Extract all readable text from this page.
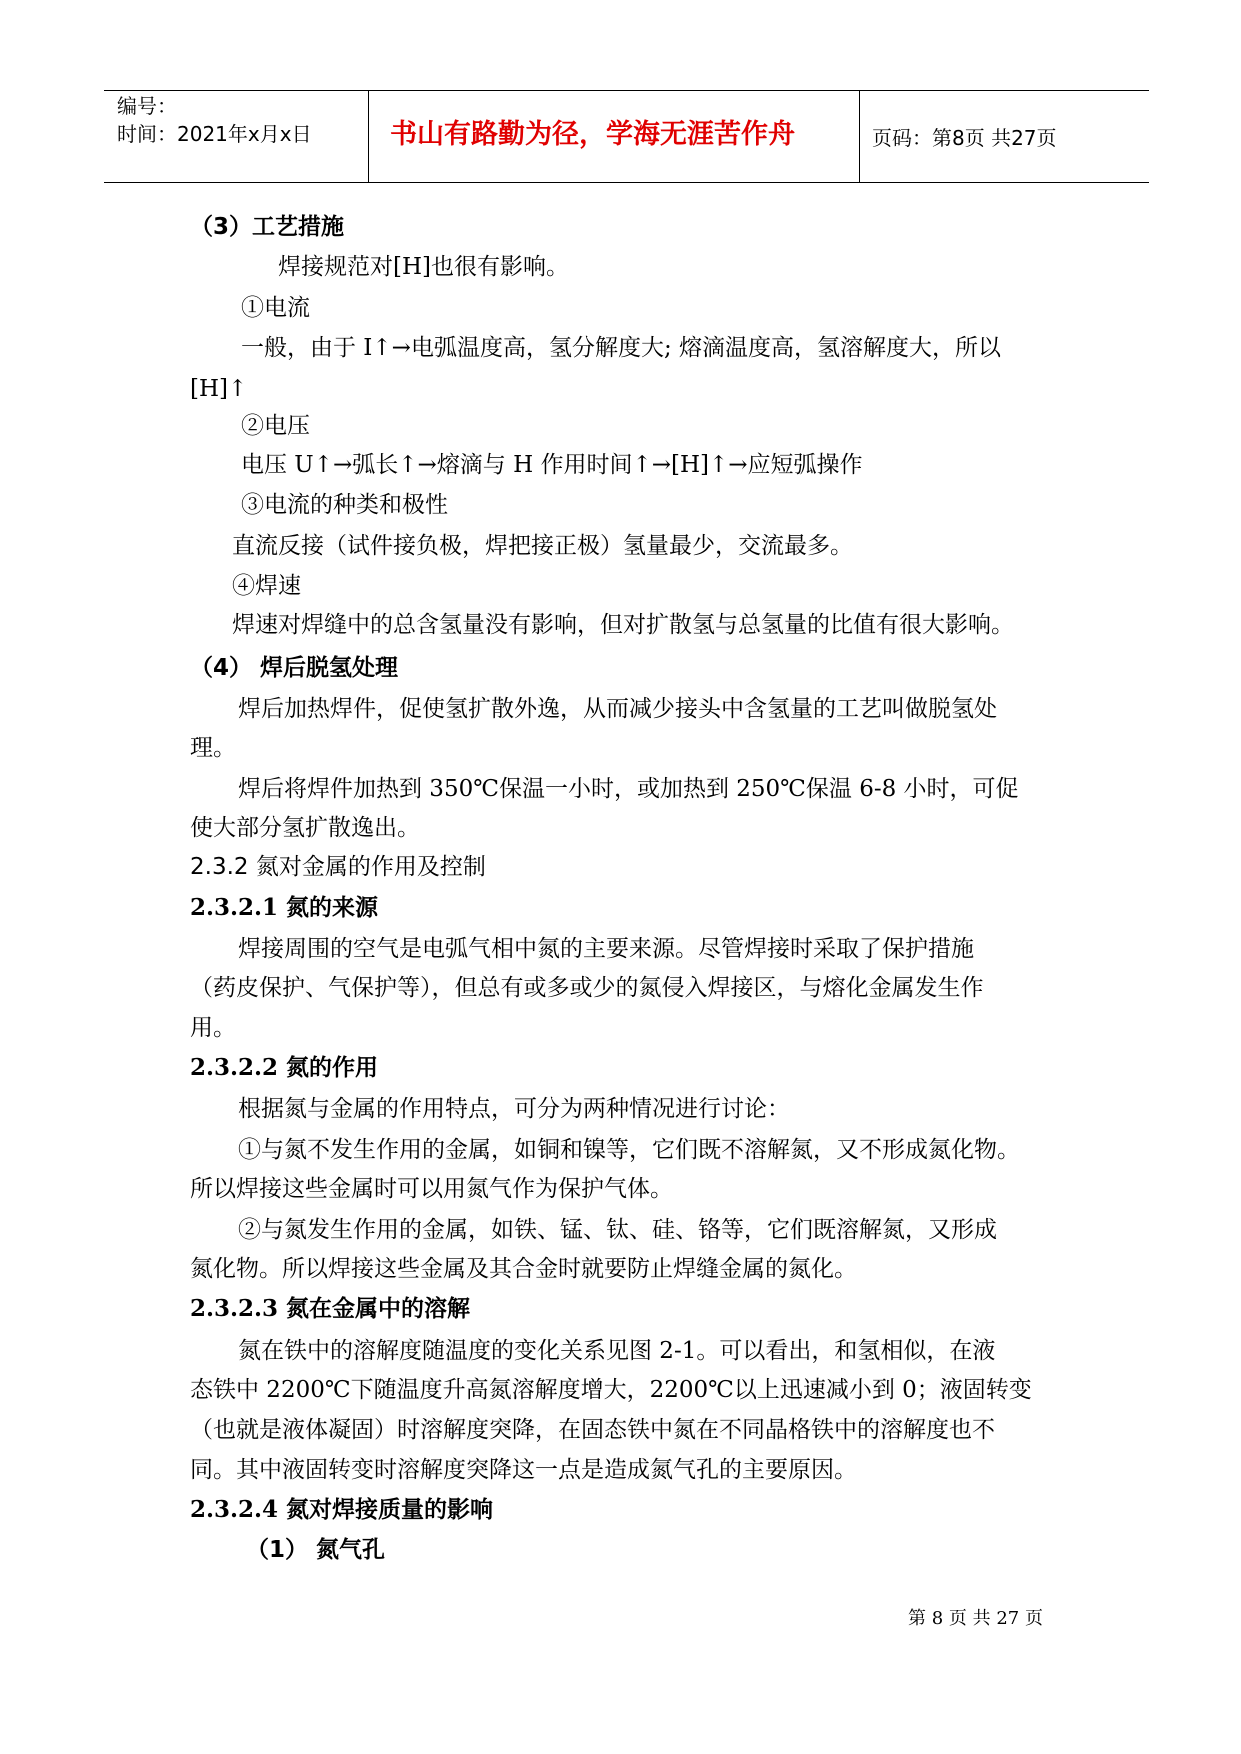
编号：
时间：2021年x月x日	书山有路勤为径，学海无涯苦作舟	页码：第8页 共27页
（3）工艺措施
焊接规范对[H]也很有影响。
①电流
一般，由于 I↑→电弧温度高，氢分解度大; 熔滴温度高，氢溶解度大，所以
[H]↑
②电压
电压 U↑→弧长↑→熔滴与 H 作用时间↑→[H]↑→应短弧操作
③电流的种类和极性
直流反接（试件接负极，焊把接正极）氢量最少，交流最多。
④焊速
焊速对焊缝中的总含氢量没有影响，但对扩散氢与总氢量的比值有很大影响。
（4） 焊后脱氢处理
焊后加热焊件，促使氢扩散外逸，从而减少接头中含氢量的工艺叫做脱氢处
理。
焊后将焊件加热到 350℃保温一小时，或加热到 250℃保温 6-8 小时，可促
使大部分氢扩散逸出。
2.3.2 氮对金属的作用及控制
2.3.2.1 氮的来源
焊接周围的空气是电弧气相中氮的主要来源。尽管焊接时采取了保护措施
（药皮保护、气保护等），但总有或多或少的氮侵入焊接区，与熔化金属发生作
用。
2.3.2.2 氮的作用
根据氮与金属的作用特点，可分为两种情况进行讨论：
①与氮不发生作用的金属，如铜和镍等，它们既不溶解氮，又不形成氮化物。
所以焊接这些金属时可以用氮气作为保护气体。
②与氮发生作用的金属，如铁、锰、钛、硅、铬等，它们既溶解氮，又形成
氮化物。所以焊接这些金属及其合金时就要防止焊缝金属的氮化。
2.3.2.3 氮在金属中的溶解
氮在铁中的溶解度随温度的变化关系见图 2-1。可以看出，和氢相似，在液
态铁中 2200℃下随温度升高氮溶解度增大，2200℃以上迅速减小到 0；液固转变
（也就是液体凝固）时溶解度突降，在固态铁中氮在不同晶格铁中的溶解度也不
同。其中液固转变时溶解度突降这一点是造成氮气孔的主要原因。
2.3.2.4 氮对焊接质量的影响
（1） 氮气孔
第 8 页 共 27 页
